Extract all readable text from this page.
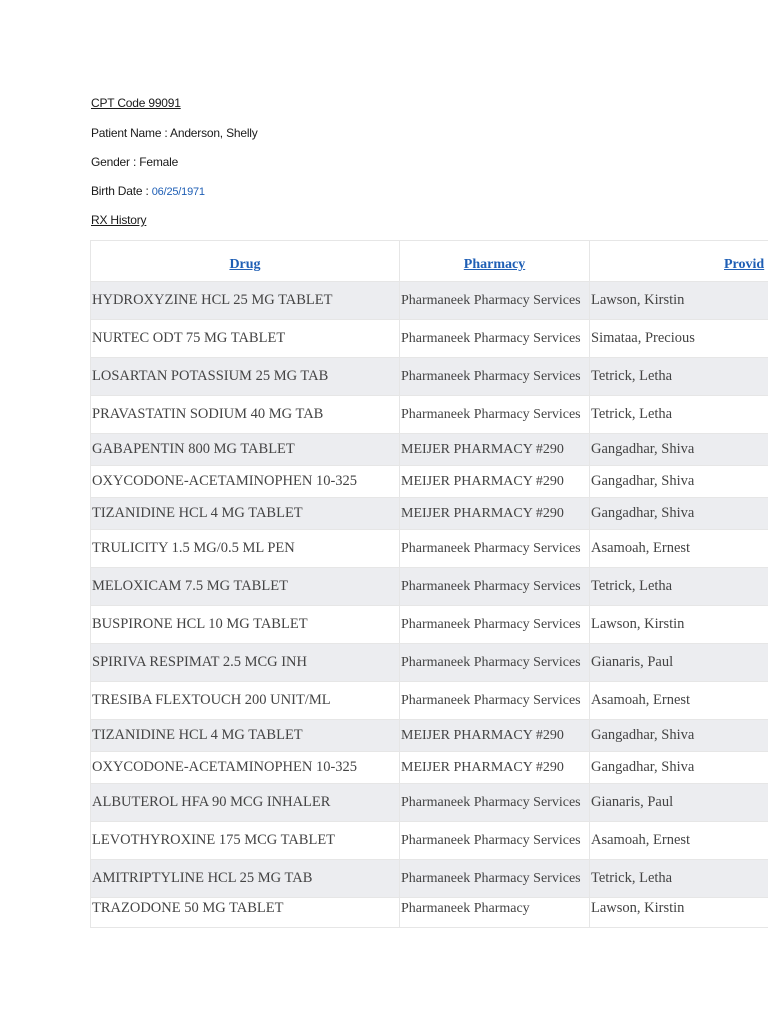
CPT Code 99091
Patient Name : Anderson, Shelly
Gender : Female
Birth Date : 06/25/1971
RX History
Drug	Pharmacy	Provid
HYDROXYZINE HCL 25 MG TABLET	Pharmaneek Pharmacy Services	Lawson, Kirstin
NURTEC ODT 75 MG TABLET	Pharmaneek Pharmacy Services	Simataa, Precious
LOSARTAN POTASSIUM 25 MG TAB	Pharmaneek Pharmacy Services	Tetrick, Letha
PRAVASTATIN SODIUM 40 MG TAB	Pharmaneek Pharmacy Services	Tetrick, Letha
GABAPENTIN 800 MG TABLET	MEIJER PHARMACY #290	Gangadhar, Shiva
OXYCODONE-ACETAMINOPHEN 10-325	MEIJER PHARMACY #290	Gangadhar, Shiva
TIZANIDINE HCL 4 MG TABLET	MEIJER PHARMACY #290	Gangadhar, Shiva
TRULICITY 1.5 MG/0.5 ML PEN	Pharmaneek Pharmacy Services	Asamoah, Ernest
MELOXICAM 7.5 MG TABLET	Pharmaneek Pharmacy Services	Tetrick, Letha
BUSPIRONE HCL 10 MG TABLET	Pharmaneek Pharmacy Services	Lawson, Kirstin
SPIRIVA RESPIMAT 2.5 MCG INH	Pharmaneek Pharmacy Services	Gianaris, Paul
TRESIBA FLEXTOUCH 200 UNIT/ML	Pharmaneek Pharmacy Services	Asamoah, Ernest
TIZANIDINE HCL 4 MG TABLET	MEIJER PHARMACY #290	Gangadhar, Shiva
OXYCODONE-ACETAMINOPHEN 10-325	MEIJER PHARMACY #290	Gangadhar, Shiva
ALBUTEROL HFA 90 MCG INHALER	Pharmaneek Pharmacy Services	Gianaris, Paul
LEVOTHYROXINE 175 MCG TABLET	Pharmaneek Pharmacy Services	Asamoah, Ernest
AMITRIPTYLINE HCL 25 MG TAB	Pharmaneek Pharmacy Services	Tetrick, Letha
TRAZODONE 50 MG TABLET	Pharmaneek Pharmacy	Lawson, Kirstin
